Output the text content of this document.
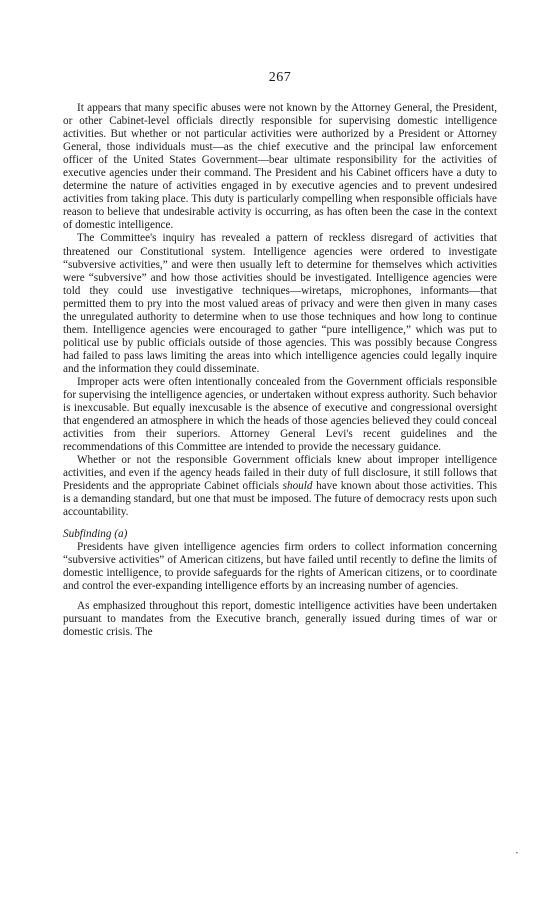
267

It appears that many specific abuses were not known by the Attorney General, the President, or other Cabinet-level officials directly responsible for supervising domestic intelligence activities. But whether or not particular activities were authorized by a President or Attorney General, those individuals must—as the chief executive and the principal law enforcement officer of the United States Government—bear ultimate responsibility for the activities of executive agencies under their command. The President and his Cabinet officers have a duty to determine the nature of activities engaged in by executive agencies and to prevent undesired activities from taking place. This duty is particularly compelling when responsible officials have reason to believe that undesirable activity is occurring, as has often been the case in the context of domestic intelligence.

The Committee's inquiry has revealed a pattern of reckless disregard of activities that threatened our Constitutional system. Intelligence agencies were ordered to investigate “subversive activities,” and were then usually left to determine for themselves which activities were “subversive” and how those activities should be investigated. Intelligence agencies were told they could use investigative techniques—wiretaps, microphones, informants—that permitted them to pry into the most valued areas of privacy and were then given in many cases the unregulated authority to determine when to use those techniques and how long to continue them. Intelligence agencies were encouraged to gather “pure intelligence,” which was put to political use by public officials outside of those agencies. This was possibly because Congress had failed to pass laws limiting the areas into which intelligence agencies could legally inquire and the information they could disseminate.

Improper acts were often intentionally concealed from the Government officials responsible for supervising the intelligence agencies, or undertaken without express authority. Such behavior is inexcusable. But equally inexcusable is the absence of executive and congressional oversight that engendered an atmosphere in which the heads of those agencies believed they could conceal activities from their superiors. Attorney General Levi's recent guidelines and the recommendations of this Committee are intended to provide the necessary guidance.

Whether or not the responsible Government officials knew about improper intelligence activities, and even if the agency heads failed in their duty of full disclosure, it still follows that Presidents and the appropriate Cabinet officials should have known about those activities. This is a demanding standard, but one that must be imposed. The future of democracy rests upon such accountability.

Subfinding (a)

Presidents have given intelligence agencies firm orders to collect information concerning “subversive activities” of American citizens, but have failed until recently to define the limits of domestic intelligence, to provide safeguards for the rights of American citizens, or to coordinate and control the ever-expanding intelligence efforts by an increasing number of agencies.

As emphasized throughout this report, domestic intelligence activities have been undertaken pursuant to mandates from the Executive branch, generally issued during times of war or domestic crisis. The

•
